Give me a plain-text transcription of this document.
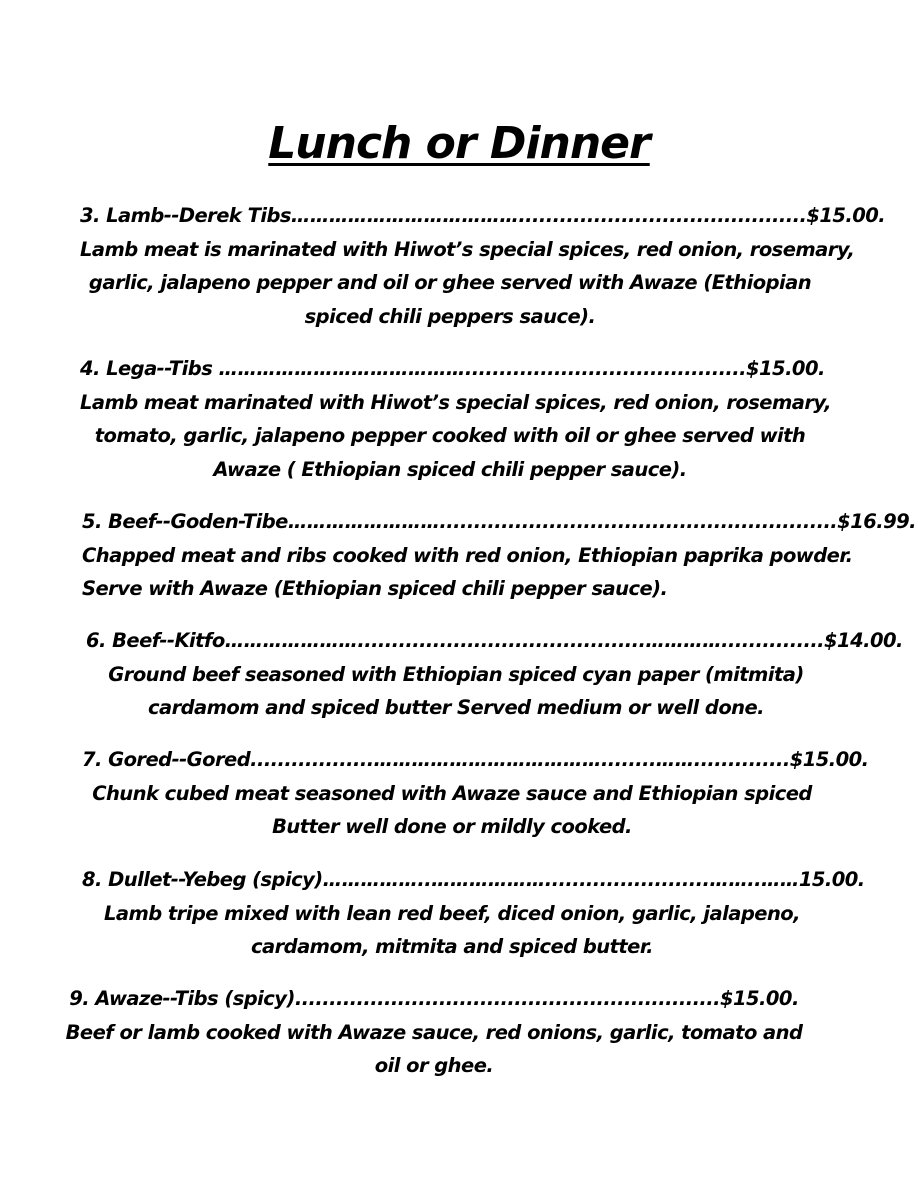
Lunch or Dinner
3. Lamb--Derek Tibs………………………………..........................................$15.00.
Lamb meat is marinated with Hiwot’s special spices, red onion, rosemary,
garlic, jalapeno pepper and oil or ghee served with Awaze (Ethiopian
spiced chili peppers sauce).
4. Lega--Tibs ………………………………….........................................$15.00.
Lamb meat marinated with Hiwot’s special spices, red onion, rosemary,
tomato, garlic, jalapeno pepper cooked with oil or ghee served with
Awaze ( Ethiopian spiced chili pepper sauce).
5. Beef--Goden-Tibe……………………..........................................................$16.99.
Chapped meat and ribs cooked with red onion, Ethiopian paprika powder.
Serve with Awaze (Ethiopian spiced chili pepper sauce).
6. Beef--Kitfo…………………..........................................…………...............$14.00.
Ground beef seasoned with Ethiopian spiced cyan paper (mitmita)
cardamom and spiced butter Served medium or well done.
7. Gored--Gored..................………………………………........……..............$15.00.
Chunk cubed meat seasoned with Awaze sauce and Ethiopian spiced
Butter well done or mildly cooked.
8. Dullet--Yebeg (spicy)……………..………………........................……..……15.00.
Lamb tripe mixed with lean red beef, diced onion, garlic, jalapeno,
cardamom, mitmita and spiced butter.
9. Awaze--Tibs (spicy)..............................................................$15.00.
Beef or lamb cooked with Awaze sauce, red onions, garlic, tomato and
oil or ghee.
